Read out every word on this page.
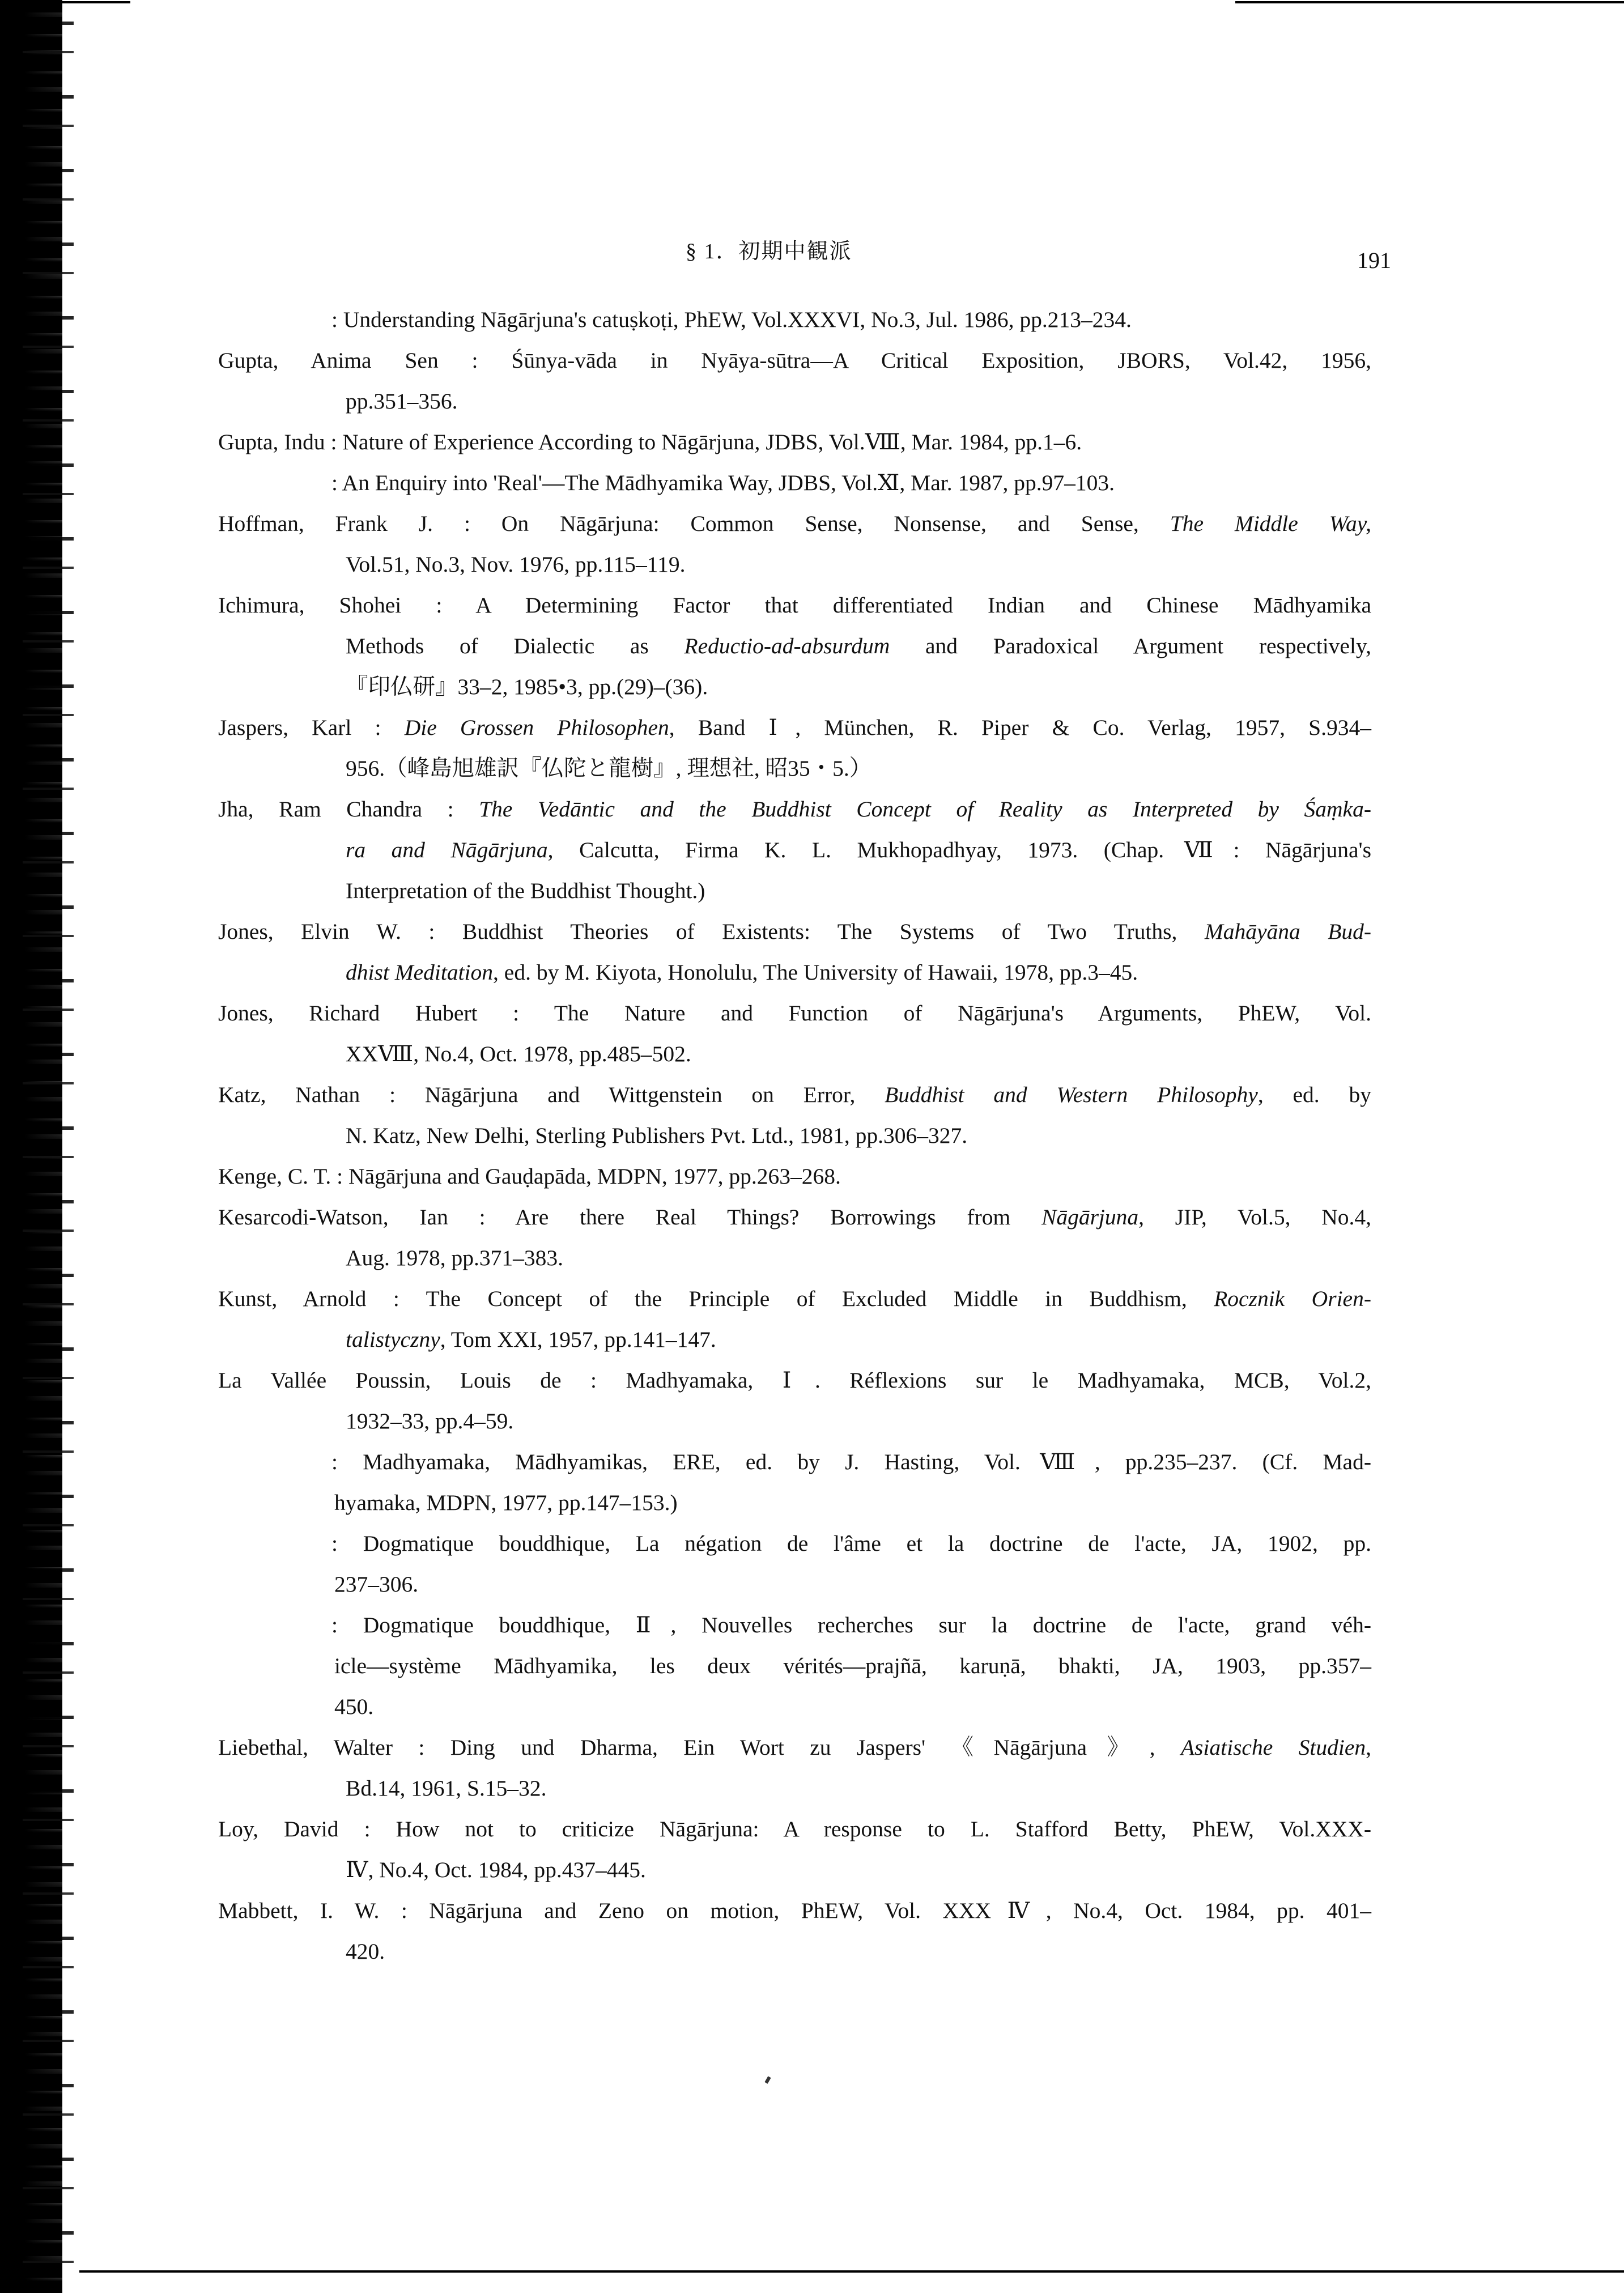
§ 1．初期中観派	191
: Understanding Nāgārjuna's catuṣkoṭi, PhEW, Vol.XXXVI, No.3, Jul. 1986, pp.213–234.
Gupta, Anima Sen : Śūnya-vāda in Nyāya-sūtra—A Critical Exposition, JBORS, Vol.42, 1956,
pp.351–356.
Gupta, Indu : Nature of Experience According to Nāgārjuna, JDBS, Vol.Ⅷ, Mar. 1984, pp.1–6.
: An Enquiry into 'Real'—The Mādhyamika Way, JDBS, Vol.Ⅺ, Mar. 1987, pp.97–103.
Hoffman, Frank J. : On Nāgārjuna: Common Sense, Nonsense, and Sense, The Middle Way,
Vol.51, No.3, Nov. 1976, pp.115–119.
Ichimura, Shohei : A Determining Factor that differentiated Indian and Chinese Mādhyamika
Methods of Dialectic as Reductio-ad-absurdum and Paradoxical Argument respectively,
『印仏研』33–2, 1985•3, pp.(29)–(36).
Jaspers, Karl : Die Grossen Philosophen, Band Ⅰ, München, R. Piper & Co. Verlag, 1957, S.934–
956.（峰島旭雄訳『仏陀と龍樹』, 理想社, 昭35・5.）
Jha, Ram Chandra : The Vedāntic and the Buddhist Concept of Reality as Interpreted by Śaṃka-
ra and Nāgārjuna, Calcutta, Firma K. L. Mukhopadhyay, 1973. (Chap.Ⅶ: Nāgārjuna's
Interpretation of the Buddhist Thought.)
Jones, Elvin W. : Buddhist Theories of Existents: The Systems of Two Truths, Mahāyāna Bud-
dhist Meditation, ed. by M. Kiyota, Honolulu, The University of Hawaii, 1978, pp.3–45.
Jones, Richard Hubert : The Nature and Function of Nāgārjuna's Arguments, PhEW, Vol.
XXⅧ, No.4, Oct. 1978, pp.485–502.
Katz, Nathan : Nāgārjuna and Wittgenstein on Error, Buddhist and Western Philosophy, ed. by
N. Katz, New Delhi, Sterling Publishers Pvt. Ltd., 1981, pp.306–327.
Kenge, C. T. : Nāgārjuna and Gauḍapāda, MDPN, 1977, pp.263–268.
Kesarcodi-Watson, Ian : Are there Real Things? Borrowings from Nāgārjuna, JIP, Vol.5, No.4,
Aug. 1978, pp.371–383.
Kunst, Arnold : The Concept of the Principle of Excluded Middle in Buddhism, Rocznik Orien-
talistyczny, Tom XXI, 1957, pp.141–147.
La Vallée Poussin, Louis de : Madhyamaka, Ⅰ. Réflexions sur le Madhyamaka, MCB, Vol.2,
1932–33, pp.4–59.
: Madhyamaka, Mādhyamikas, ERE, ed. by J. Hasting, Vol.Ⅷ, pp.235–237. (Cf. Mad-
hyamaka, MDPN, 1977, pp.147–153.)
: Dogmatique bouddhique, La négation de l'âme et la doctrine de l'acte, JA, 1902, pp.
237–306.
: Dogmatique bouddhique, Ⅱ, Nouvelles recherches sur la doctrine de l'acte, grand véh-
icle—système Mādhyamika, les deux vérités—prajñā, karuṇā, bhakti, JA, 1903, pp.357–
450.
Liebethal, Walter : Ding und Dharma, Ein Wort zu Jaspers' 《Nāgārjuna》, Asiatische Studien,
Bd.14, 1961, S.15–32.
Loy, David : How not to criticize Nāgārjuna: A response to L. Stafford Betty, PhEW, Vol.XXX-
Ⅳ, No.4, Oct. 1984, pp.437–445.
Mabbett, I. W. : Nāgārjuna and Zeno on motion, PhEW, Vol. XXXⅣ, No.4, Oct. 1984, pp. 401–
420.
